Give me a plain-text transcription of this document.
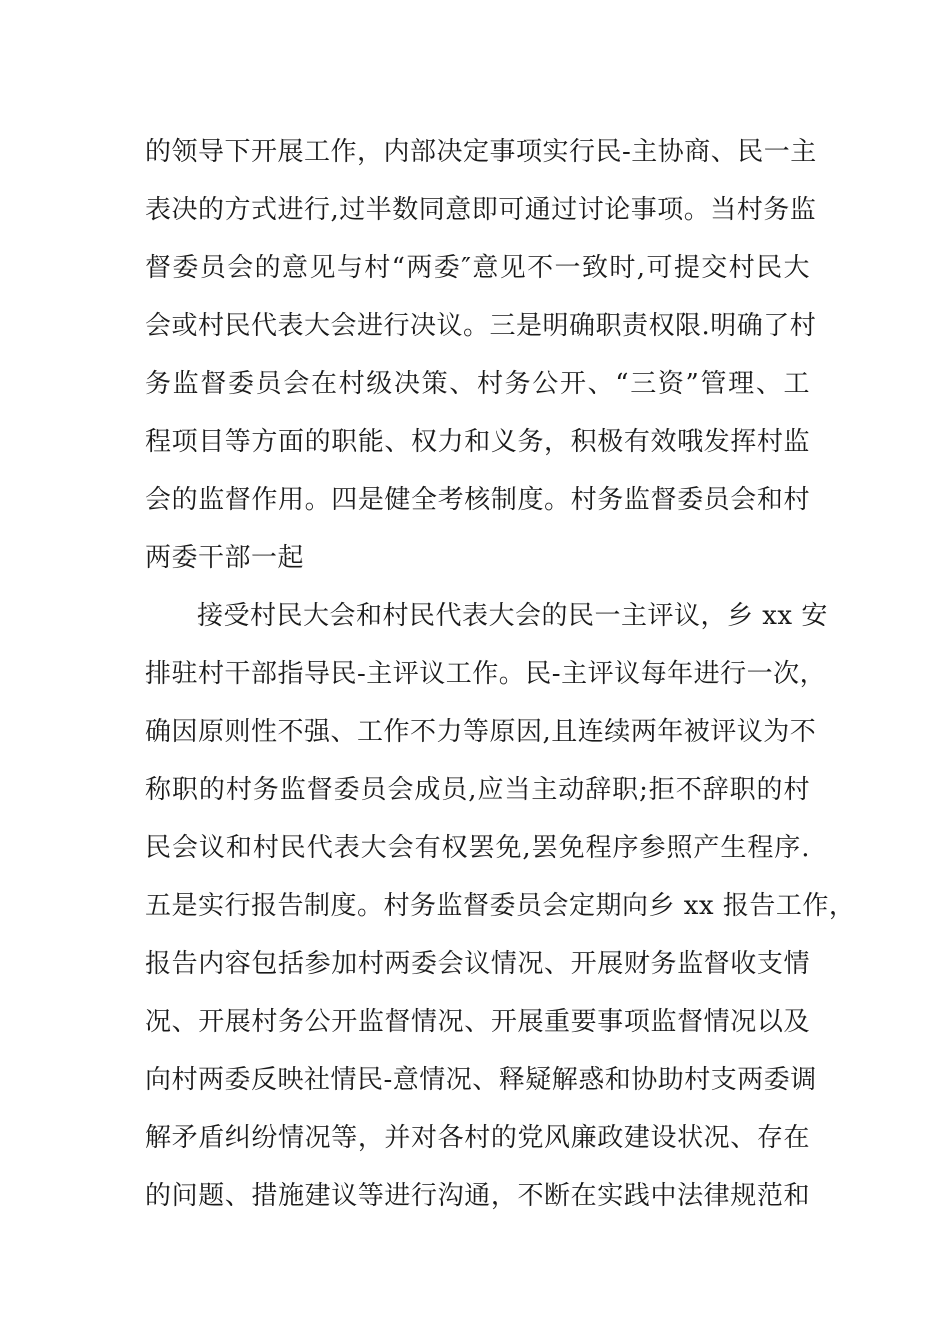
的领导下开展工作，内部决定事项实行民-主协商、民一主
表决的方式进行,过半数同意即可通过讨论事项。当村务监
督委员会的意见与村“两委″意见不一致时,可提交村民大
会或村民代表大会进行决议。三是明确职责权限.明确了村
务监督委员会在村级决策、村务公开、“三资”管理、工
程项目等方面的职能、权力和义务，积极有效哦发挥村监
会的监督作用。四是健全考核制度。村务监督委员会和村
两委干部一起
接受村民大会和村民代表大会的民一主评议，乡 xx 安
排驻村干部指导民-主评议工作。民-主评议每年进行一次，
确因原则性不强、工作不力等原因,且连续两年被评议为不
称职的村务监督委员会成员,应当主动辞职;拒不辞职的村
民会议和村民代表大会有权罢免,罢免程序参照产生程序.
五是实行报告制度。村务监督委员会定期向乡 xx 报告工作，
报告内容包括参加村两委会议情况、开展财务监督收支情
况、开展村务公开监督情况、开展重要事项监督情况以及
向村两委反映社情民-意情况、释疑解惑和协助村支两委调
解矛盾纠纷情况等，并对各村的党风廉政建设状况、存在
的问题、措施建议等进行沟通，不断在实践中法律规范和
